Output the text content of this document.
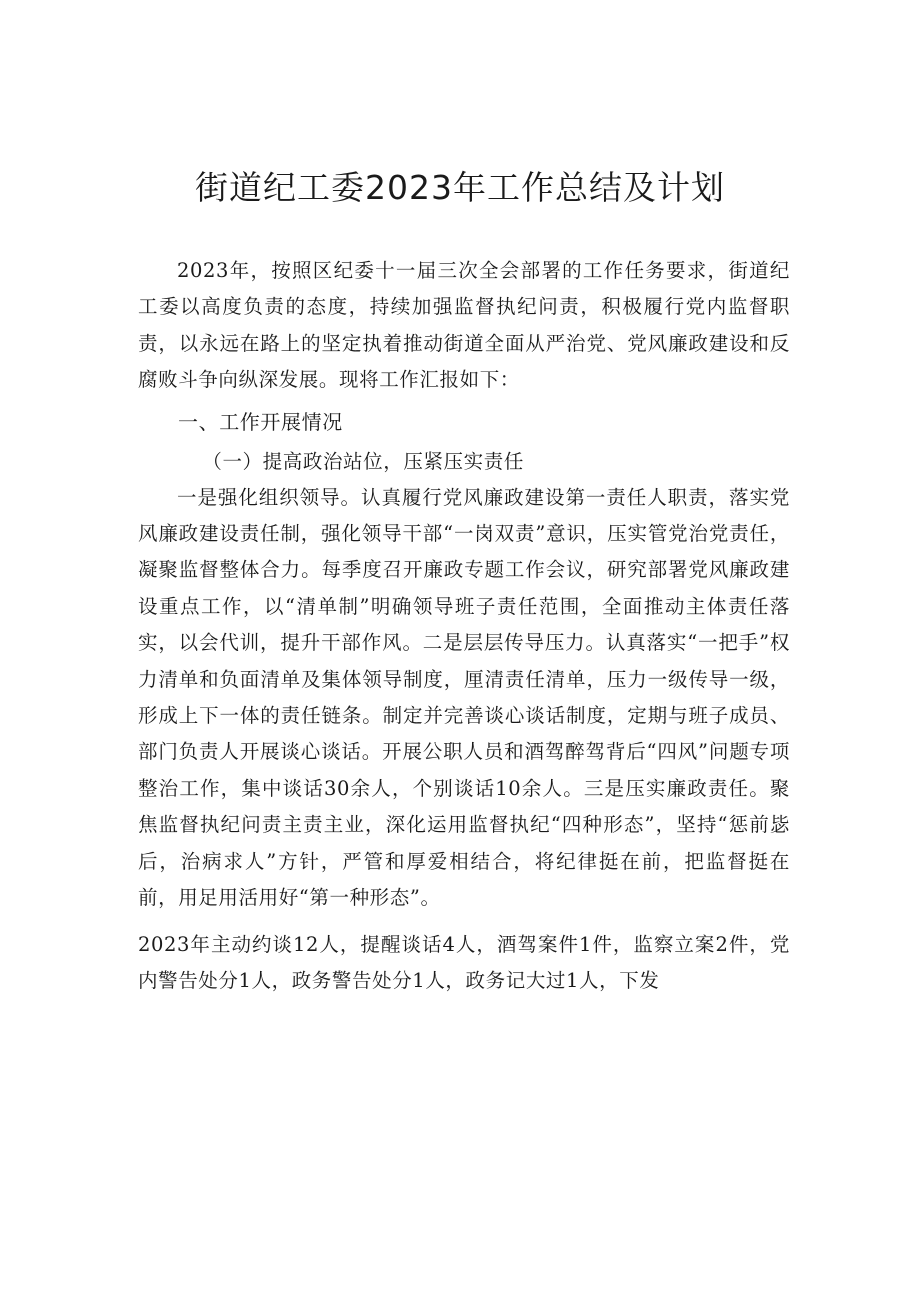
街道纪工委2023年工作总结及计划

2023年，按照区纪委十一届三次全会部署的工作任务要求，街道纪工委以高度负责的态度，持续加强监督执纪问责，积极履行党内监督职责，以永远在路上的坚定执着推动街道全面从严治党、党风廉政建设和反腐败斗争向纵深发展。现将工作汇报如下：

一、工作开展情况
（一）提高政治站位，压紧压实责任

一是强化组织领导。认真履行党风廉政建设第一责任人职责，落实党风廉政建设责任制，强化领导干部“一岗双责”意识，压实管党治党责任，凝聚监督整体合力。每季度召开廉政专题工作会议，研究部署党风廉政建设重点工作，以“清单制”明确领导班子责任范围，全面推动主体责任落实，以会代训，提升干部作风。二是层层传导压力。认真落实“一把手”权力清单和负面清单及集体领导制度，厘清责任清单，压力一级传导一级，形成上下一体的责任链条。制定并完善谈心谈话制度，定期与班子成员、部门负责人开展谈心谈话。开展公职人员和酒驾醉驾背后“四风”问题专项整治工作，集中谈话30余人，个别谈话10余人。三是压实廉政责任。聚焦监督执纪问责主责主业，深化运用监督执纪“四种形态”，坚持“惩前毖后，治病求人”方针，严管和厚爱相结合，将纪律挺在前，把监督挺在前，用足用活用好“第一种形态”。

2023年主动约谈12人，提醒谈话4人，酒驾案件1件，监察立案2件，党内警告处分1人，政务警告处分1人，政务记大过1人，下发
